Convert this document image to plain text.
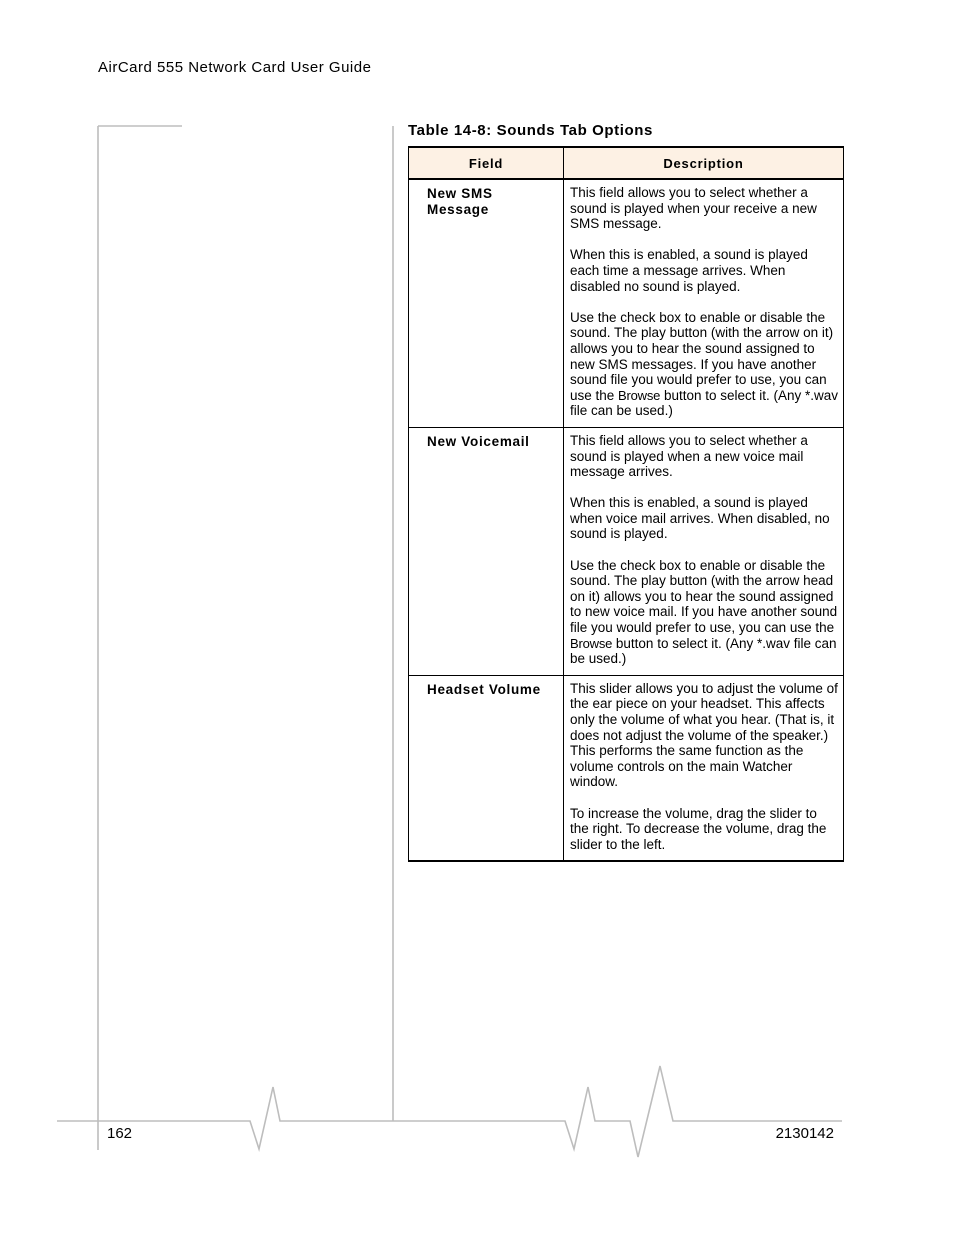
AirCard 555 Network Card User Guide
Table 14-8: Sounds Tab Options
Field	Description
New SMS Message	This field allows you to select whether a sound is played when your receive a new SMS message.

When this is enabled, a sound is played each time a message arrives. When disabled no sound is played.

Use the check box to enable or disable the sound. The play button (with the arrow on it) allows you to hear the sound assigned to new SMS messages. If you have another sound file you would prefer to use, you can use the Browse button to select it. (Any *.wav file can be used.)

New Voicemail	This field allows you to select whether a sound is played when a new voice mail message arrives.

When this is enabled, a sound is played when voice mail arrives. When disabled, no sound is played.

Use the check box to enable or disable the sound. The play button (with the arrow head on it) allows you to hear the sound assigned to new voice mail. If you have another sound file you would prefer to use, you can use the Browse button to select it. (Any *.wav file can be used.)

Headset Volume	This slider allows you to adjust the volume of the ear piece on your headset. This affects only the volume of what you hear. (That is, it does not adjust the volume of the speaker.) This performs the same function as the volume controls on the main Watcher window.

To increase the volume, drag the slider to the right. To decrease the volume, drag the slider to the left.

162	2130142
